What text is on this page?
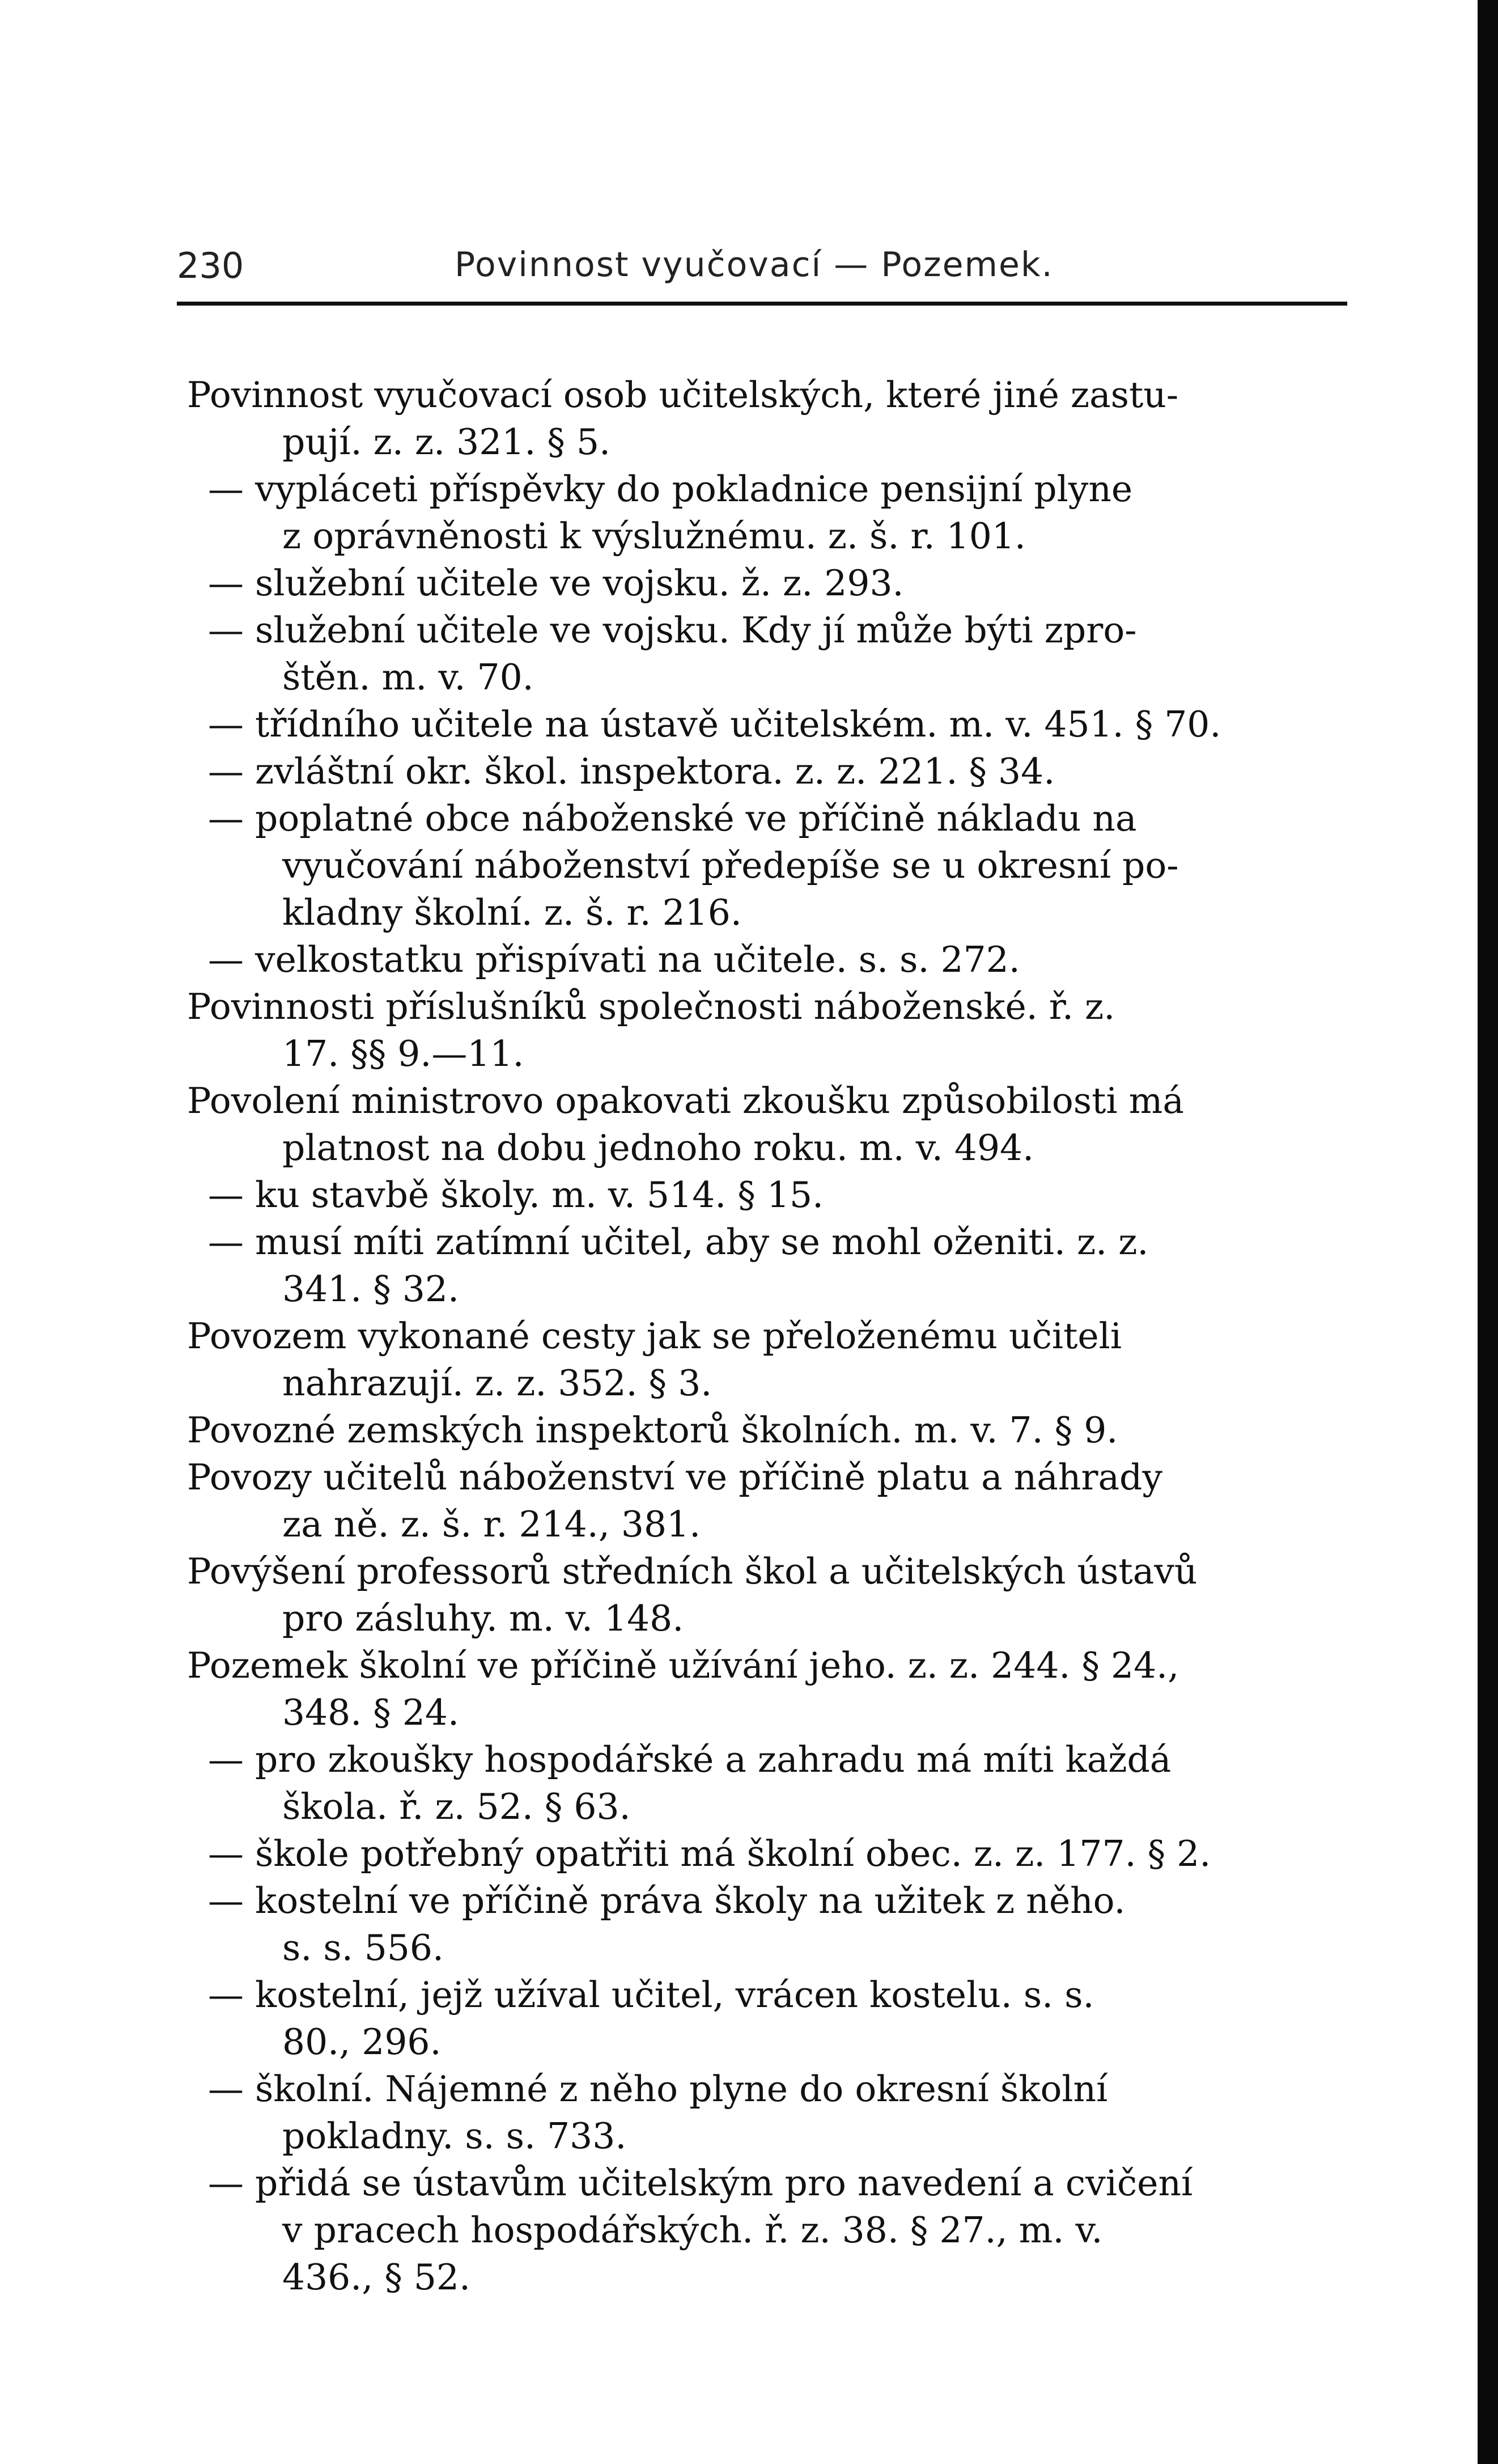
230	Povinnost vyučovací — Pozemek.
Povinnost vyučovací osob učitelských, které jiné zastu-
pují. z. z. 321. § 5.
— vypláceti příspěvky do pokladnice pensijní plyne
z oprávněnosti k výslužnému. z. š. r. 101.
— služební učitele ve vojsku. ž. z. 293.
— služební učitele ve vojsku. Kdy jí může býti zpro-
štěn. m. v. 70.
— třídního učitele na ústavě učitelském. m. v. 451. § 70.
— zvláštní okr. škol. inspektora. z. z. 221. § 34.
— poplatné obce náboženské ve příčině nákladu na
vyučování náboženství předepíše se u okresní po-
kladny školní. z. š. r. 216.
— velkostatku přispívati na učitele. s. s. 272.
Povinnosti příslušníků společnosti náboženské. ř. z.
17. §§ 9.—11.
Povolení ministrovo opakovati zkoušku způsobilosti má
platnost na dobu jednoho roku. m. v. 494.
— ku stavbě školy. m. v. 514. § 15.
— musí míti zatímní učitel, aby se mohl oženiti. z. z.
341. § 32.
Povozem vykonané cesty jak se přeloženému učiteli
nahrazují. z. z. 352. § 3.
Povozné zemských inspektorů školních. m. v. 7. § 9.
Povozy učitelů náboženství ve příčině platu a náhrady
za ně. z. š. r. 214., 381.
Povýšení professorů středních škol a učitelských ústavů
pro zásluhy. m. v. 148.
Pozemek školní ve příčině užívání jeho. z. z. 244. § 24.,
348. § 24.
— pro zkoušky hospodářské a zahradu má míti každá
škola. ř. z. 52. § 63.
— škole potřebný opatřiti má školní obec. z. z. 177. § 2.
— kostelní ve příčině práva školy na užitek z něho.
s. s. 556.
— kostelní, jejž užíval učitel, vrácen kostelu. s. s.
80., 296.
— školní. Nájemné z něho plyne do okresní školní
pokladny. s. s. 733.
— přidá se ústavům učitelským pro navedení a cvičení
v pracech hospodářských. ř. z. 38. § 27., m. v.
436., § 52.
